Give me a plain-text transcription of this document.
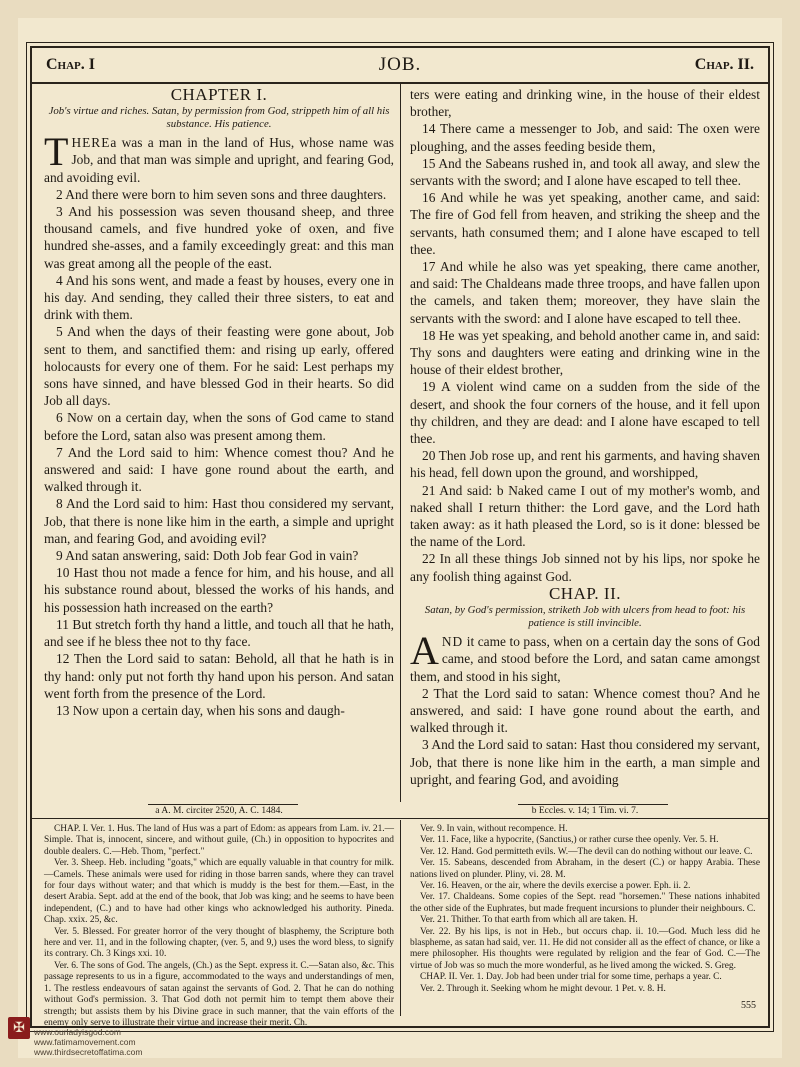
Chap. I	JOB.	Chap. II.
CHAPTER I.
Job's virtue and riches. Satan, by permission from God, strippeth him of all his substance. His patience.

THEREa was a man in the land of Hus, whose name was Job, and that man was simple and upright, and fearing God, and avoiding evil.

2 And there were born to him seven sons and three daughters.

3 And his possession was seven thousand sheep, and three thousand camels, and five hundred yoke of oxen, and five hundred she-asses, and a family exceedingly great: and this man was great among all the people of the east.

4 And his sons went, and made a feast by houses, every one in his day. And sending, they called their three sisters, to eat and drink with them.

5 And when the days of their feasting were gone about, Job sent to them, and sanctified them: and rising up early, offered holocausts for every one of them. For he said: Lest perhaps my sons have sinned, and have blessed God in their hearts. So did Job all days.

6 Now on a certain day, when the sons of God came to stand before the Lord, satan also was present among them.

7 And the Lord said to him: Whence comest thou? And he answered and said: I have gone round about the earth, and walked through it.

8 And the Lord said to him: Hast thou considered my servant, Job, that there is none like him in the earth, a simple and upright man, and fearing God, and avoiding evil?

9 And satan answering, said: Doth Job fear God in vain?

10 Hast thou not made a fence for him, and his house, and all his substance round about, blessed the works of his hands, and his possession hath increased on the earth?

11 But stretch forth thy hand a little, and touch all that he hath, and see if he bless thee not to thy face.

12 Then the Lord said to satan: Behold, all that he hath is in thy hand: only put not forth thy hand upon his person. And satan went forth from the presence of the Lord.

13 Now upon a certain day, when his sons and daugh-

ters were eating and drinking wine, in the house of their eldest brother,

14 There came a messenger to Job, and said: The oxen were ploughing, and the asses feeding beside them,

15 And the Sabeans rushed in, and took all away, and slew the servants with the sword; and I alone have escaped to tell thee.

16 And while he was yet speaking, another came, and said: The fire of God fell from heaven, and striking the sheep and the servants, hath consumed them; and I alone have escaped to tell thee.

17 And while he also was yet speaking, there came another, and said: The Chaldeans made three troops, and have fallen upon the camels, and taken them; moreover, they have slain the servants with the sword: and I alone have escaped to tell thee.

18 He was yet speaking, and behold another came in, and said: Thy sons and daughters were eating and drinking wine in the house of their eldest brother,

19 A violent wind came on a sudden from the side of the desert, and shook the four corners of the house, and it fell upon thy children, and they are dead: and I alone have escaped to tell thee.

20 Then Job rose up, and rent his garments, and having shaven his head, fell down upon the ground, and worshipped,

21 And said: b Naked came I out of my mother's womb, and naked shall I return thither: the Lord gave, and the Lord hath taken away: as it hath pleased the Lord, so is it done: blessed be the name of the Lord.

22 In all these things Job sinned not by his lips, nor spoke he any foolish thing against God.

CHAP. II.
Satan, by God's permission, striketh Job with ulcers from head to foot: his patience is still invincible.

AND it came to pass, when on a certain day the sons of God came, and stood before the Lord, and satan came amongst them, and stood in his sight,

2 That the Lord said to satan: Whence comest thou? And he answered, and said: I have gone round about the earth, and walked through it.

3 And the Lord said to satan: Hast thou considered my servant, Job, that there is none like him in the earth, a man simple and upright, and fearing God, and avoiding

a A. M. circiter 2520, A. C. 1484.	b Eccles. v. 14; 1 Tim. vi. 7.

CHAP. I. Ver. 1. Hus. The land of Hus was a part of Edom: as appears from Lam. iv. 21.—Simple. That is, innocent, sincere, and without guile, (Ch.) in opposition to hypocrites and double dealers. C.—Heb. Thom, "perfect."

Ver. 3. Sheep. Heb. including "goats," which are equally valuable in that country for milk.—Camels. These animals were used for riding in those barren sands, where they can travel for four days without water; and that which is muddy is the best for them.—East, in the desert Arabia. Sept. add at the end of the book, that Job was king; and he seems to have been independent, (C.) and to have had other kings who acknowledged his authority. Pineda. Chap. xxix. 25, &c.

Ver. 5. Blessed. For greater horror of the very thought of blasphemy, the Scripture both here and ver. 11, and in the following chapter, (ver. 5, and 9,) uses the word bless, to signify its contrary. Ch. 3 Kings xxi. 10.

Ver. 6. The sons of God. The angels, (Ch.) as the Sept. express it. C.—Satan also, &c. This passage represents to us in a figure, accommodated to the ways and understandings of men, 1. The restless endeavours of satan against the servants of God. 2. That he can do nothing without God's permission. 3. That God doth not permit him to tempt them above their strength; but assists them by his Divine grace in such manner, that the vain efforts of the enemy only serve to illustrate their virtue and increase their merit. Ch.

Ver. 9. In vain, without recompence. H.

Ver. 11. Face, like a hypocrite, (Sanctius,) or rather curse thee openly. Ver. 5. H.

Ver. 12. Hand. God permitteth evils. W.—The devil can do nothing without our leave. C.

Ver. 15. Sabeans, descended from Abraham, in the desert (C.) or happy Arabia. These nations lived on plunder. Pliny, vi. 28. M.

Ver. 16. Heaven, or the air, where the devils exercise a power. Eph. ii. 2.

Ver. 17. Chaldeans. Some copies of the Sept. read "horsemen." These nations inhabited the other side of the Euphrates, but made frequent incursions to plunder their neighbours. C.

Ver. 21. Thither. To that earth from which all are taken. H.

Ver. 22. By his lips, is not in Heb., but occurs chap. ii. 10.—God. Much less did he blaspheme, as satan had said, ver. 11. He did not consider all as the effect of chance, or like a mere philosopher. His thoughts were regulated by religion and the fear of God. C.—The virtue of Job was so much the more wonderful, as he lived among the wicked. S. Greg.

CHAP. II. Ver. 1. Day. Job had been under trial for some time, perhaps a year. C.

Ver. 2. Through it. Seeking whom he might devour. 1 Pet. v. 8. H.

555
✠	www.ourladyisgod.com
www.fatimamovement.com
www.thirdsecretoffatima.com
